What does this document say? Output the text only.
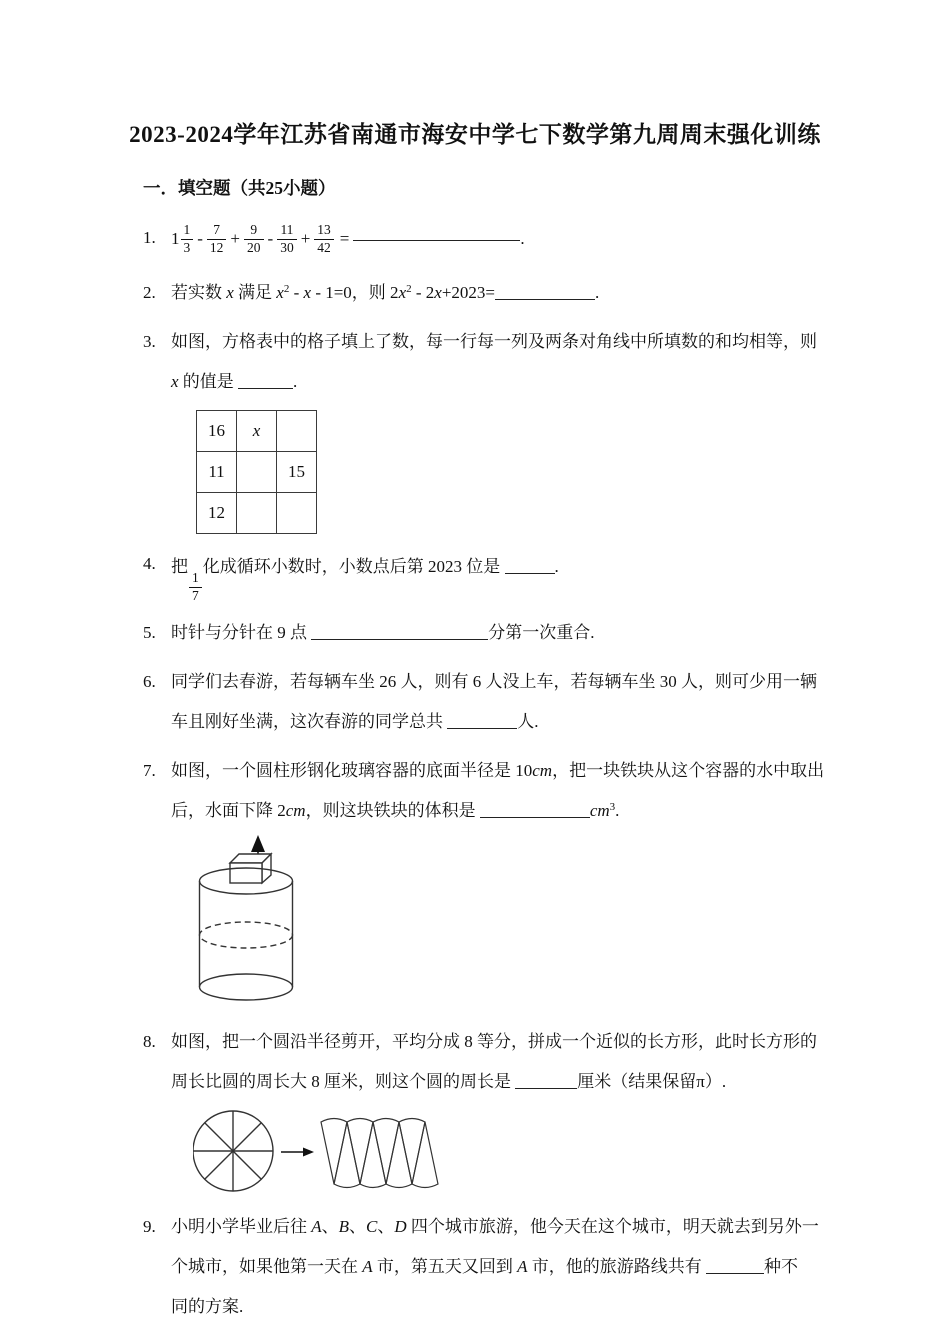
2023-2024学年江苏省南通市海安中学七下数学第九周周末强化训练
一．填空题（共25小题）
1. $1 \frac{1}{3} - \frac{7}{12} + \frac{9}{20} - \frac{11}{30} + \frac{13}{42}$ =	.
2. 若实数 x 满足 $x^2 - x - 1=0$，则 $2x^2 - 2x+2023=$	.
3. 如图，方格表中的格子填上了数，每一行每一列及两条对角线中所填数的和均相等，则
x 的值是	.
16	x	
11		15
12		
4. 把
$\frac{1}{7}$
化成循环小数时，小数点后第 2023 位是	.
5. 时针与分针在 9 点	分第一次重合.
6. 同学们去春游，若每辆车坐 26 人，则有 6 人没上车，若每辆车坐 30 人，则可少用一辆
车且刚好坐满，这次春游的同学总共	人.
7. 如图，一个圆柱形钢化玻璃容器的底面半径是 10cm，把一块铁块从这个容器的水中取出
后，水面下降 2cm，则这块铁块的体积是	$cm^3$.
8. 如图，把一个圆沿半径剪开，平均分成 8 等分，拼成一个近似的长方形，此时长方形的
周长比圆的周长大 8 厘米，则这个圆的周长是	厘米（结果保留π）.
9. 小明小学毕业后往 A、B、C、D 四个城市旅游，他今天在这个城市，明天就去到另外一
个城市，如果他第一天在 A 市，第五天又回到 A 市，他的旅游路线共有	种不
同的方案.
